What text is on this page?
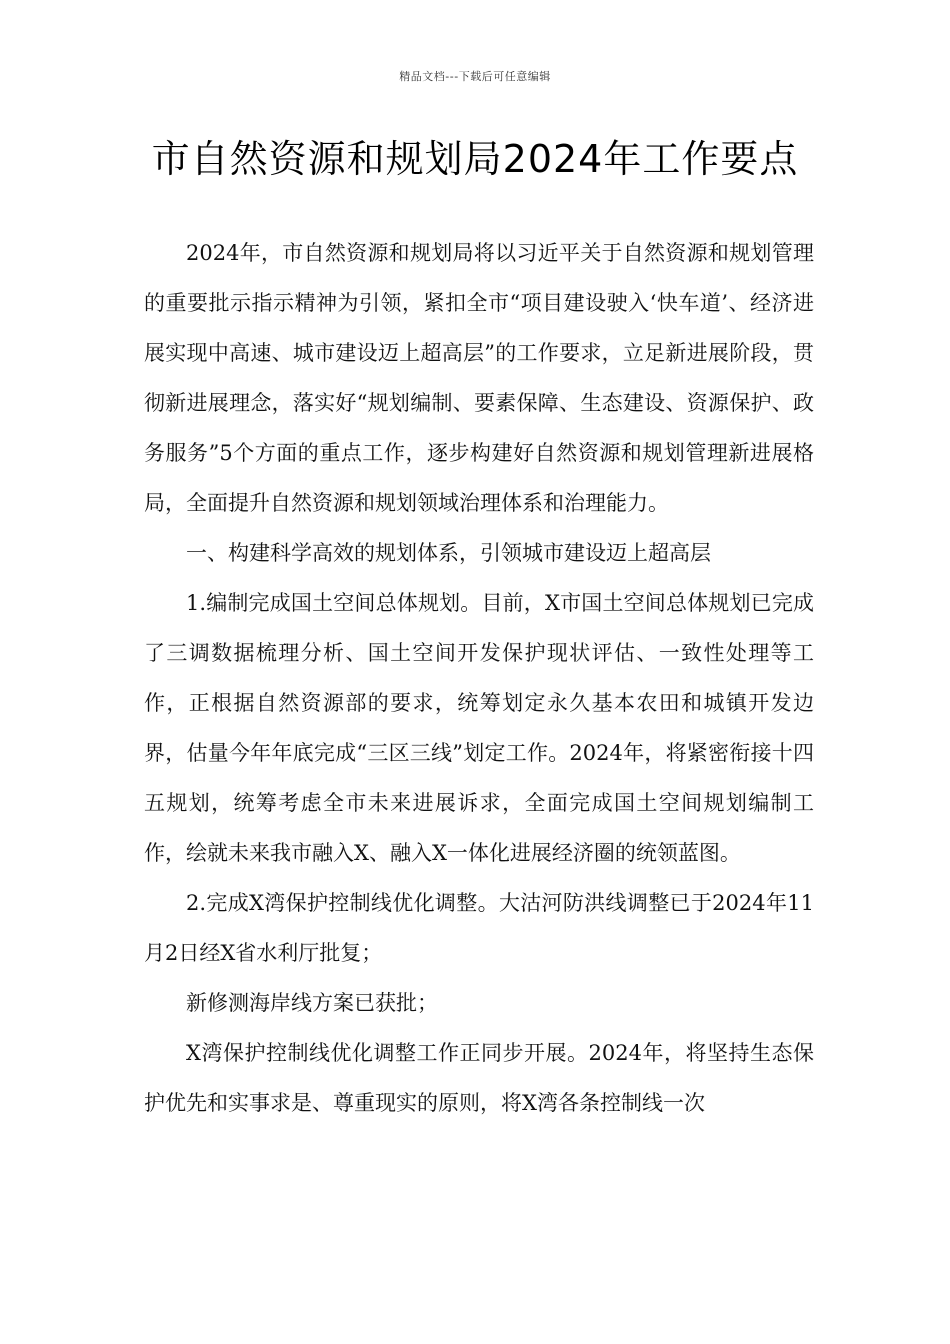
精品文档---下载后可任意编辑
市自然资源和规划局2024年工作要点

2024年，市自然资源和规划局将以习近平关于自然资源和规划管理的重要批示指示精神为引领，紧扣全市“项目建设驶入‘快车道’、经济进展实现中高速、城市建设迈上超高层”的工作要求，立足新进展阶段，贯彻新进展理念，落实好“规划编制、要素保障、生态建设、资源保护、政务服务”5个方面的重点工作，逐步构建好自然资源和规划管理新进展格局，全面提升自然资源和规划领域治理体系和治理能力。

一、构建科学高效的规划体系，引领城市建设迈上超高层

1.编制完成国土空间总体规划。目前，X市国土空间总体规划已完成了三调数据梳理分析、国土空间开发保护现状评估、一致性处理等工作，正根据自然资源部的要求，统筹划定永久基本农田和城镇开发边界，估量今年年底完成“三区三线”划定工作。2024年，将紧密衔接十四五规划，统筹考虑全市未来进展诉求，全面完成国土空间规划编制工作，绘就未来我市融入X、融入X一体化进展经济圈的统领蓝图。

2.完成X湾保护控制线优化调整。大沽河防洪线调整已于2024年11月2日经X省水利厅批复；

新修测海岸线方案已获批；

X湾保护控制线优化调整工作正同步开展。2024年，将坚持生态保护优先和实事求是、尊重现实的原则，将X湾各条控制线一次
